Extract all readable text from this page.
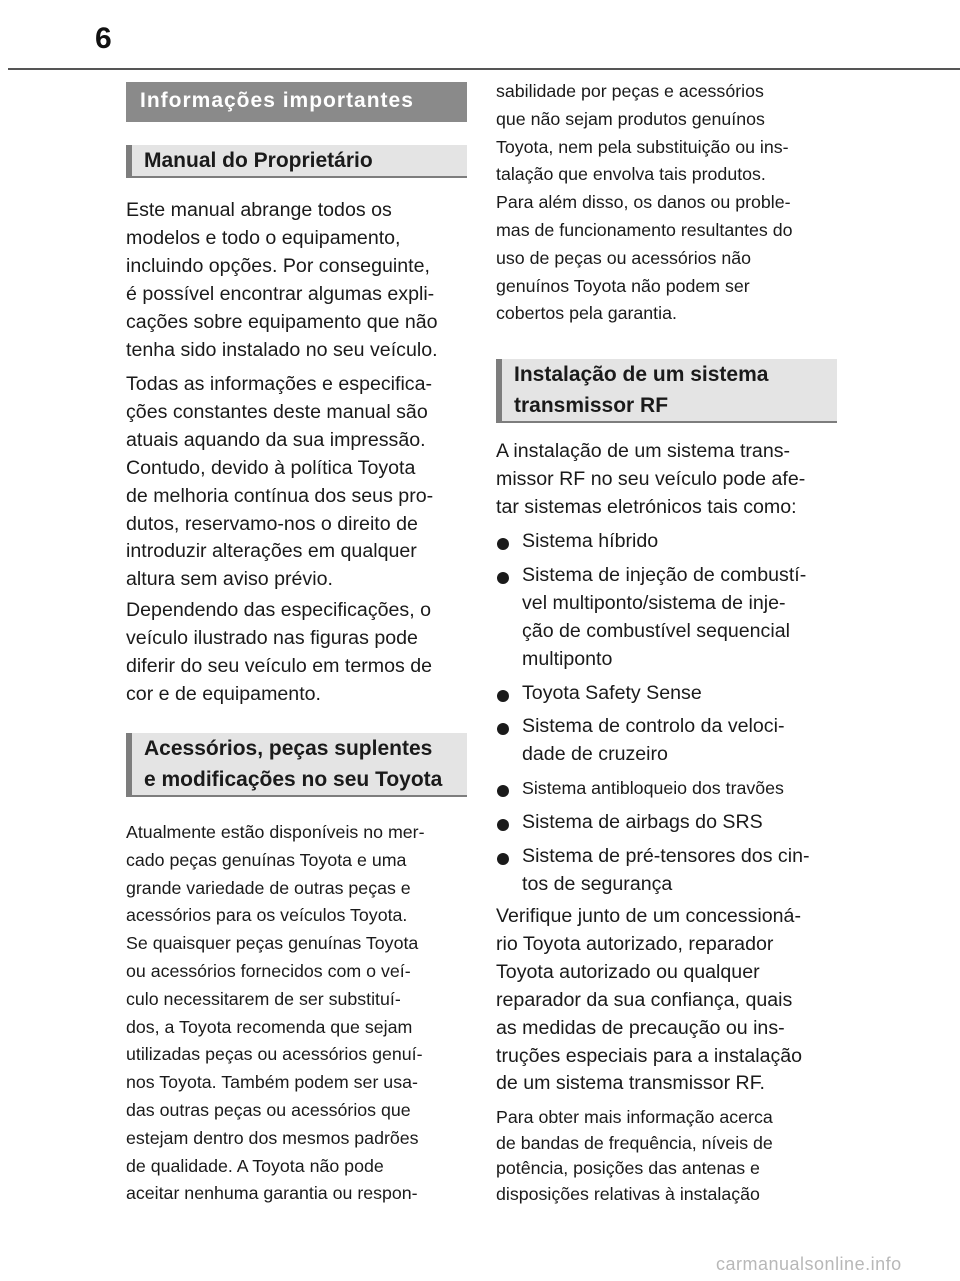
6
Informações importantes
Manual do Proprietário
Este manual abrange todos os
modelos e todo o equipamento,
incluindo opções. Por conseguinte,
é possível encontrar algumas expli-
cações sobre equipamento que não
tenha sido instalado no seu veículo.
Todas as informações e especifica-
ções constantes deste manual são
atuais aquando da sua impressão.
Contudo, devido à política Toyota
de melhoria contínua dos seus pro-
dutos, reservamo-nos o direito de
introduzir alterações em qualquer
altura sem aviso prévio.
Dependendo das especificações, o
veículo ilustrado nas figuras pode
diferir do seu veículo em termos de
cor e de equipamento.
Acessórios, peças suplentes
e modificações no seu Toyota
Atualmente estão disponíveis no mer-
cado peças genuínas Toyota e uma
grande variedade de outras peças e
acessórios para os veículos Toyota.
Se quaisquer peças genuínas Toyota
ou acessórios fornecidos com o veí-
culo necessitarem de ser substituí-
dos, a Toyota recomenda que sejam
utilizadas peças ou acessórios genuí-
nos Toyota. Também podem ser usa-
das outras peças ou acessórios que
estejam dentro dos mesmos padrões
de qualidade. A Toyota não pode
aceitar nenhuma garantia ou respon-
sabilidade por peças e acessórios
que não sejam produtos genuínos
Toyota, nem pela substituição ou ins-
talação que envolva tais produtos.
Para além disso, os danos ou proble-
mas de funcionamento resultantes do
uso de peças ou acessórios não
genuínos Toyota não podem ser
cobertos pela garantia.
Instalação de um sistema
transmissor RF
A instalação de um sistema trans-
missor RF no seu veículo pode afe-
tar sistemas eletrónicos tais como:
Sistema híbrido
Sistema de injeção de combustí-
vel multiponto/sistema de inje-
ção de combustível sequencial
multiponto
Toyota Safety Sense
Sistema de controlo da veloci-
dade de cruzeiro
Sistema antibloqueio dos travões
Sistema de airbags do SRS
Sistema de pré-tensores dos cin-
tos de segurança
Verifique junto de um concessioná-
rio Toyota autorizado, reparador
Toyota autorizado ou qualquer
reparador da sua confiança, quais
as medidas de precaução ou ins-
truções especiais para a instalação
de um sistema transmissor RF.
Para obter mais informação acerca
de bandas de frequência, níveis de
potência, posições das antenas e
disposições relativas à instalação
carmanualsonline.info
